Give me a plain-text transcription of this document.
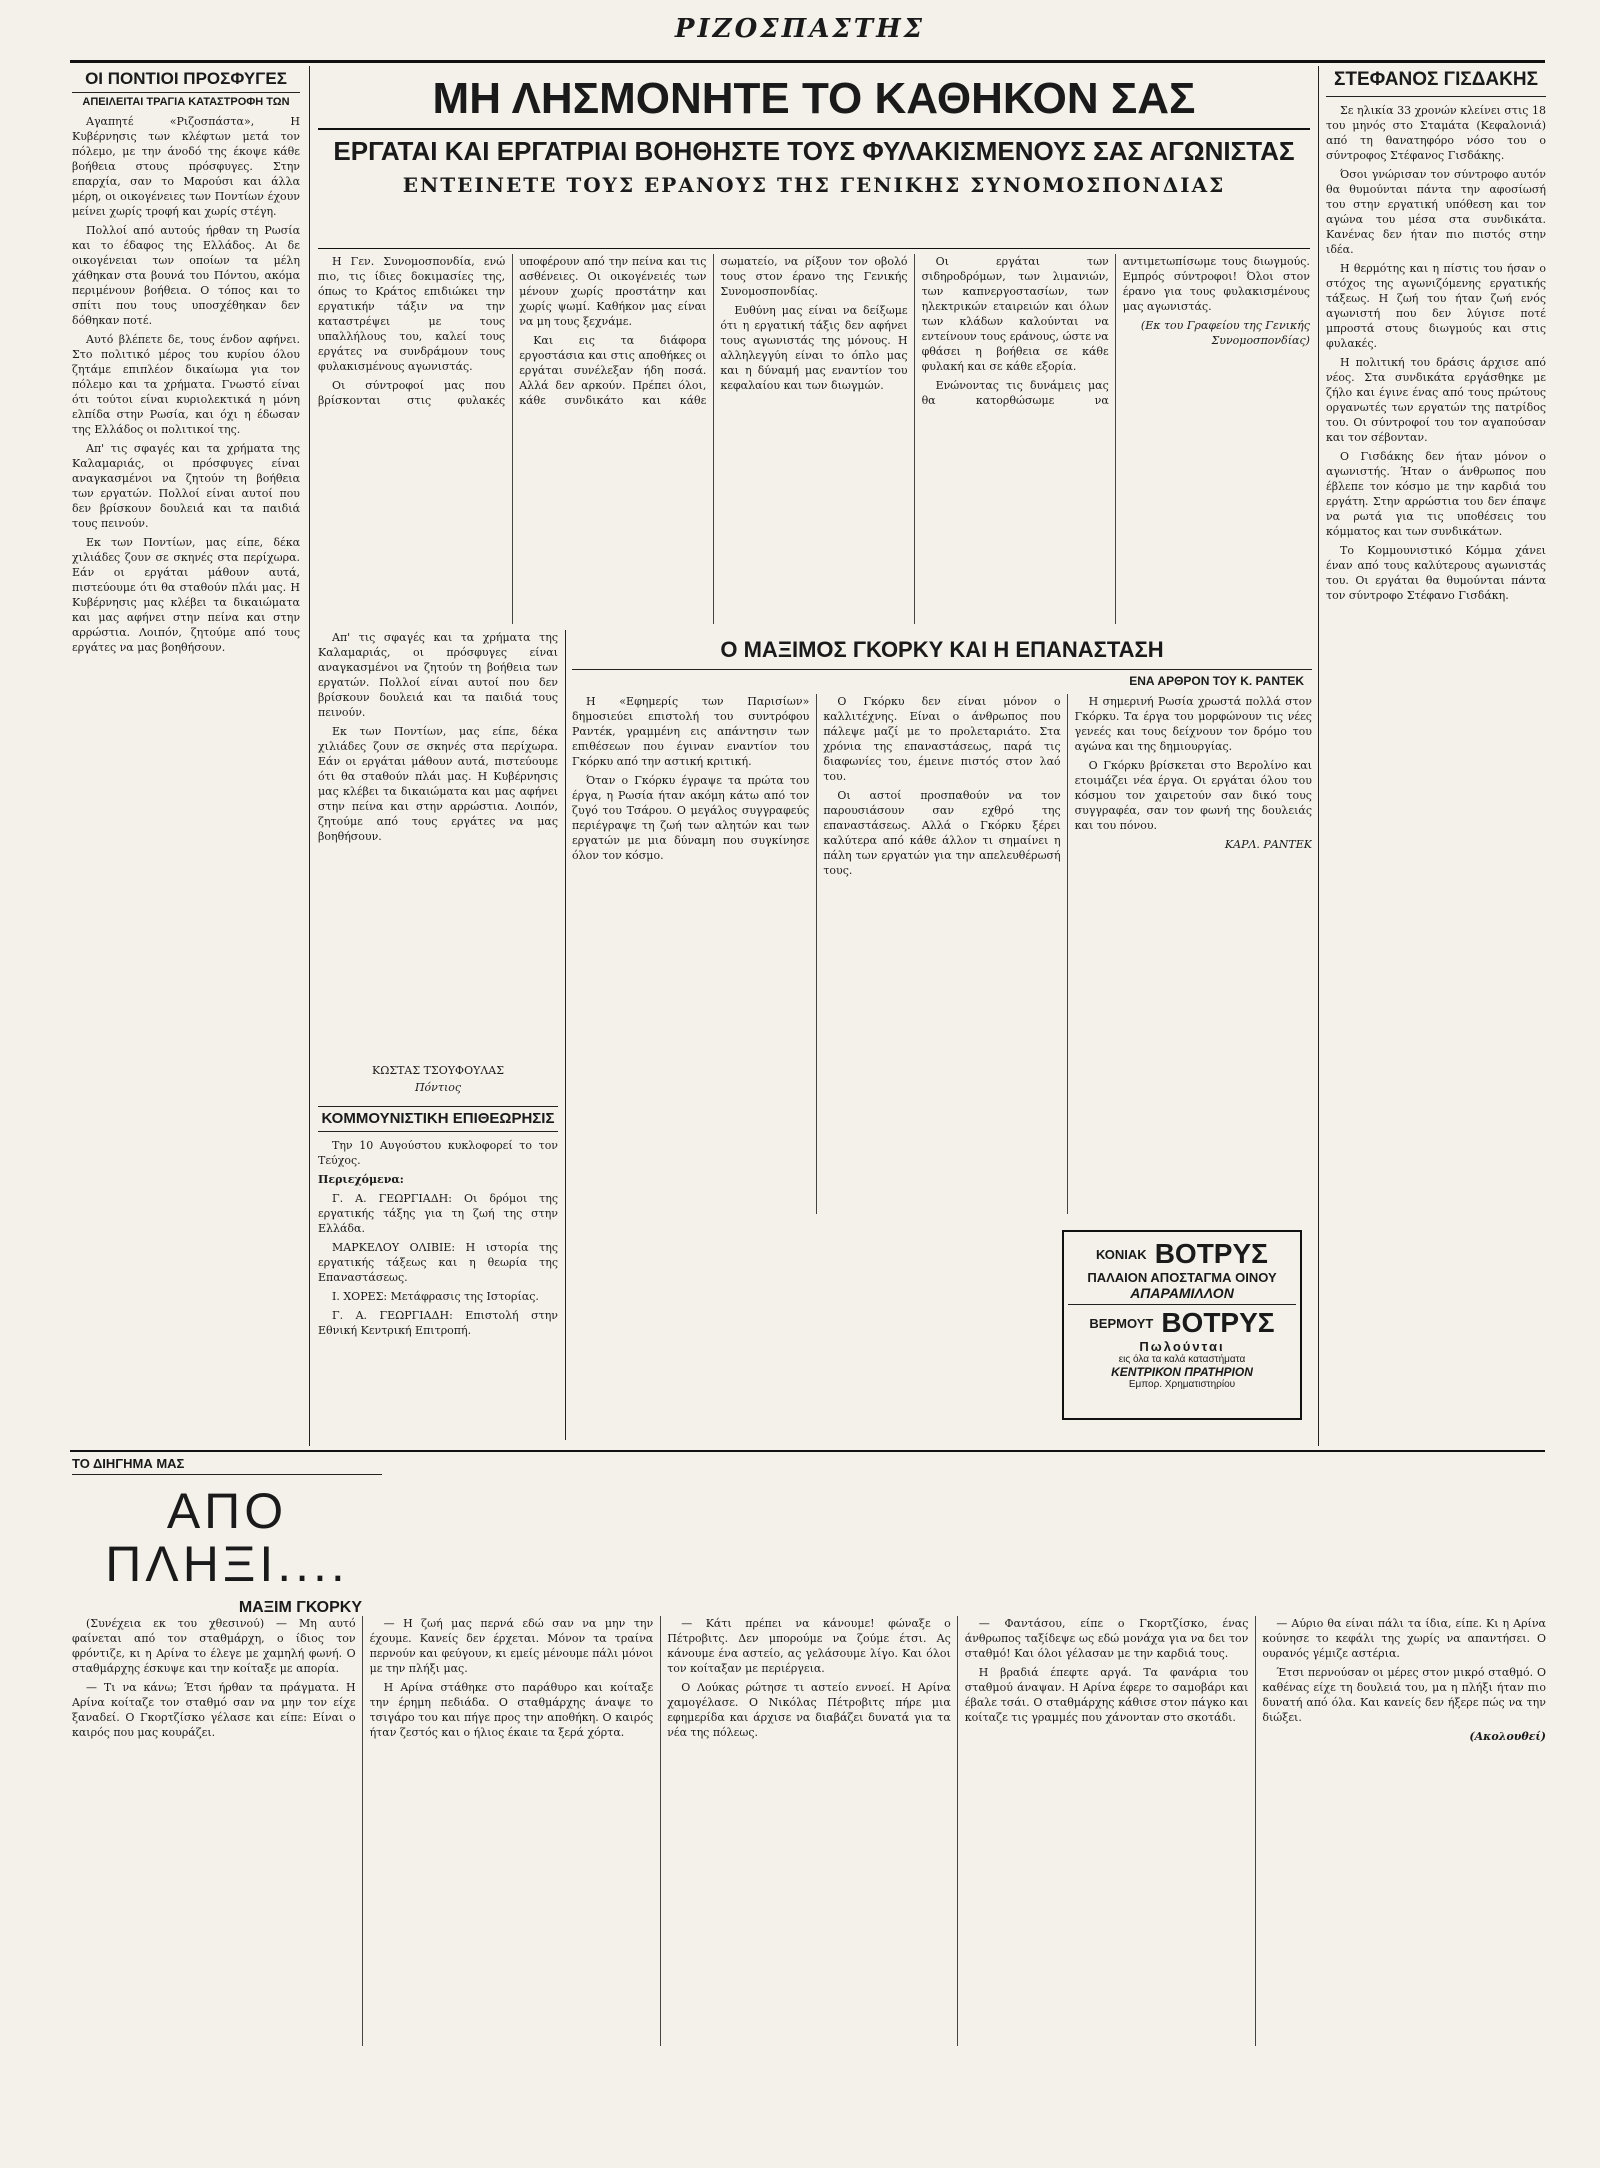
ΡΙΖΟΣΠΑΣΤΗΣ
ΟΙ ΠΟΝΤΙΟΙ ΠΡΟΣΦΥΓΕΣ
ΑΠΕΙΛΕΙΤΑΙ ΤΡΑΓΙΑ ΚΑΤΑΣΤΡΟΦΗ ΤΩΝ

Αγαπητέ «Ριζοσπάστα», Η Κυβέρνησις των κλέφτων μετά τον πόλεμο, με την άνοδό της έκοψε κάθε βοήθεια στους πρόσφυγες. Στην επαρχία, σαν το Μαρούσι και άλλα μέρη, οι οικογένειες των Ποντίων έχουν μείνει χωρίς τροφή και χωρίς στέγη.

Πολλοί από αυτούς ήρθαν τη Ρωσία και το έδαφος της Ελλάδος. Αι δε οικογένειαι των οποίων τα μέλη χάθηκαν στα βουνά του Πόντου, ακόμα περιμένουν βοήθεια. Ο τόπος και το σπίτι που τους υποσχέθηκαν δεν δόθηκαν ποτέ.

Αυτό βλέπετε δε, τους ένδον αφήνει. Στο πολιτικό μέρος του κυρίου όλου ζητάμε επιπλέον δικαίωμα για τον πόλεμο και τα χρήματα. Γνωστό είναι ότι τούτοι είναι κυριολεκτικά η μόνη ελπίδα στην Ρωσία, και όχι η έδωσαν της Ελλάδος οι πολιτικοί της.

Απ' τις σφαγές και τα χρήματα της Καλαμαριάς, οι πρόσφυγες είναι αναγκασμένοι να ζητούν τη βοήθεια των εργατών. Πολλοί είναι αυτοί που δεν βρίσκουν δουλειά και τα παιδιά τους πεινούν.

Εκ των Ποντίων, μας είπε, δέκα χιλιάδες ζουν σε σκηνές στα περίχωρα. Εάν οι εργάται μάθουν αυτά, πιστεύουμε ότι θα σταθούν πλάι μας. Η Κυβέρνησις μας κλέβει τα δικαιώματα και μας αφήνει στην πείνα και στην αρρώστια. Λοιπόν, ζητούμε από τους εργάτες να μας βοηθήσουν.

ΜΗ ΛΗΣΜΟΝΗΤΕ ΤΟ ΚΑΘΗΚΟΝ ΣΑΣ
ΕΡΓΑΤΑΙ ΚΑΙ ΕΡΓΑΤΡΙΑΙ ΒΟΗΘΗΣΤΕ ΤΟΥΣ ΦΥΛΑΚΙΣΜΕΝΟΥΣ ΣΑΣ ΑΓΩΝΙΣΤΑΣ
ΕΝΤΕΙΝΕΤΕ ΤΟΥΣ ΕΡΑΝΟΥΣ ΤΗΣ ΓΕΝΙΚΗΣ ΣΥΝΟΜΟΣΠΟΝΔΙΑΣ

Η Γεν. Συνομοσπονδία, ενώ πιο, τις ίδιες δοκιμασίες της, όπως το Κράτος επιδιώκει την εργατικήν τάξιν να την καταστρέψει με τους υπαλλήλους του, καλεί τους εργάτες να συνδράμουν τους φυλακισμένους αγωνιστάς.

Οι σύντροφοί μας που βρίσκονται στις φυλακές υποφέρουν από την πείνα και τις ασθένειες. Οι οικογένειές των μένουν χωρίς προστάτην και χωρίς ψωμί. Καθήκον μας είναι να μη τους ξεχνάμε.

Και εις τα διάφορα εργοστάσια και στις αποθήκες οι εργάται συνέλεξαν ήδη ποσά. Αλλά δεν αρκούν. Πρέπει όλοι, κάθε συνδικάτο και κάθε σωματείο, να ρίξουν τον οβολό τους στον έρανο της Γενικής Συνομοσπονδίας.

Ευθύνη μας είναι να δείξωμε ότι η εργατική τάξις δεν αφήνει τους αγωνιστάς της μόνους. Η αλληλεγγύη είναι το όπλο μας και η δύναμή μας εναντίον του κεφαλαίου και των διωγμών.

Οι εργάται των σιδηροδρόμων, των λιμανιών, των καπνεργοστασίων, των ηλεκτρικών εταιρειών και όλων των κλάδων καλούνται να εντείνουν τους εράνους, ώστε να φθάσει η βοήθεια σε κάθε φυλακή και σε κάθε εξορία.

Ενώνοντας τις δυνάμεις μας θα κατορθώσωμε να αντιμετωπίσωμε τους διωγμούς. Εμπρός σύντροφοι! Όλοι στον έρανο για τους φυλακισμένους μας αγωνιστάς.

(Εκ του Γραφείου της Γενικής Συνομοσπονδίας)
ΣΤΕΦΑΝΟΣ ΓΙΣΔΑΚΗΣ

Σε ηλικία 33 χρονών κλείνει στις 18 του μηνός στο Σταμάτα (Κεφαλονιά) από τη θανατηφόρο νόσο του ο σύντροφος Στέφανος Γισδάκης.

Όσοι γνώρισαν τον σύντροφο αυτόν θα θυμούνται πάντα την αφοσίωσή του στην εργατική υπόθεση και τον αγώνα του μέσα στα συνδικάτα. Κανένας δεν ήταν πιο πιστός στην ιδέα.

Η θερμότης και η πίστις του ήσαν ο στόχος της αγωνιζόμενης εργατικής τάξεως. Η ζωή του ήταν ζωή ενός αγωνιστή που δεν λύγισε ποτέ μπροστά στους διωγμούς και στις φυλακές.

Η πολιτική του δράσις άρχισε από νέος. Στα συνδικάτα εργάσθηκε με ζήλο και έγινε ένας από τους πρώτους οργανωτές των εργατών της πατρίδος του. Οι σύντροφοί του τον αγαπούσαν και τον σέβονταν.

Ο Γισδάκης δεν ήταν μόνον ο αγωνιστής. Ήταν ο άνθρωπος που έβλεπε τον κόσμο με την καρδιά του εργάτη. Στην αρρώστια του δεν έπαψε να ρωτά για τις υποθέσεις του κόμματος και των συνδικάτων.

Το Κομμουνιστικό Κόμμα χάνει έναν από τους καλύτερους αγωνιστάς του. Οι εργάται θα θυμούνται πάντα τον σύντροφο Στέφανο Γισδάκη.

Απ' τις σφαγές και τα χρήματα της Καλαμαριάς, οι πρόσφυγες είναι αναγκασμένοι να ζητούν τη βοήθεια των εργατών. Πολλοί είναι αυτοί που δεν βρίσκουν δουλειά και τα παιδιά τους πεινούν.

Εκ των Ποντίων, μας είπε, δέκα χιλιάδες ζουν σε σκηνές στα περίχωρα. Εάν οι εργάται μάθουν αυτά, πιστεύουμε ότι θα σταθούν πλάι μας. Η Κυβέρνησις μας κλέβει τα δικαιώματα και μας αφήνει στην πείνα και στην αρρώστια. Λοιπόν, ζητούμε από τους εργάτες να μας βοηθήσουν.

ΚΩΣΤΑΣ ΤΣΟΥΦΟΥΛΑΣ
Πόντιος
ΚΟΜΜΟΥΝΙΣΤΙΚΗ ΕΠΙΘΕΩΡΗΣΙΣ

Την 10 Αυγούστου κυκλοφορεί το τον Τεύχος.

Περιεχόμενα:

Γ. Α. ΓΕΩΡΓΙΑΔΗ: Οι δρόμοι της εργατικής τάξης για τη ζωή της στην Ελλάδα.

ΜΑΡΚΕΛΟΥ ΟΛΙΒΙΕ: Η ιστορία της εργατικής τάξεως και η θεωρία της Επαναστάσεως.

Ι. ΧΟΡΕΣ: Μετάφρασις της Ιστορίας.

Γ. Α. ΓΕΩΡΓΙΑΔΗ: Επιστολή στην Εθνική Κεντρική Επιτροπή.

Ο ΜΑΞΙΜΟΣ ΓΚΟΡΚΥ ΚΑΙ Η ΕΠΑΝΑΣΤΑΣΗ
ΕΝΑ ΑΡΘΡΟΝ ΤΟΥ Κ. ΡΑΝΤΕΚ

Η «Εφημερίς των Παρισίων» δημοσιεύει επιστολή του συντρόφου Ραντέκ, γραμμένη εις απάντησιν των επιθέσεων που έγιναν εναντίον του Γκόρκυ από την αστική κριτική.

Όταν ο Γκόρκυ έγραψε τα πρώτα του έργα, η Ρωσία ήταν ακόμη κάτω από τον ζυγό του Τσάρου. Ο μεγάλος συγγραφεύς περιέγραψε τη ζωή των αλητών και των εργατών με μια δύναμη που συγκίνησε όλον τον κόσμο.

Ο Γκόρκυ δεν είναι μόνον ο καλλιτέχνης. Είναι ο άνθρωπος που πάλεψε μαζί με το προλεταριάτο. Στα χρόνια της επαναστάσεως, παρά τις διαφωνίες του, έμεινε πιστός στον λαό του.

Οι αστοί προσπαθούν να τον παρουσιάσουν σαν εχθρό της επαναστάσεως. Αλλά ο Γκόρκυ ξέρει καλύτερα από κάθε άλλον τι σημαίνει η πάλη των εργατών για την απελευθέρωσή τους.

Η σημερινή Ρωσία χρωστά πολλά στον Γκόρκυ. Τα έργα του μορφώνουν τις νέες γενεές και τους δείχνουν τον δρόμο του αγώνα και της δημιουργίας.

Ο Γκόρκυ βρίσκεται στο Βερολίνο και ετοιμάζει νέα έργα. Οι εργάται όλου του κόσμου τον χαιρετούν σαν δικό τους συγγραφέα, σαν τον φωνή της δουλειάς και του πόνου.

ΚΑΡΛ. ΡΑΝΤΕΚ
ΚΟΝΙΑΚ ΒΟΤΡΥΣ
ΠΑΛΑΙΟΝ ΑΠΟΣΤΑΓΜΑ ΟΙΝΟΥ
ΑΠΑΡΑΜΙΛΛΟΝ
ΒΕΡΜΟΥΤ ΒΟΤΡΥΣ
Πωλούνται
εις όλα τα καλά καταστήματα
ΚΕΝΤΡΙΚΟΝ ΠΡΑΤΗΡΙΟΝ
Εμπορ. Χρηματιστηρίου
ΤΟ ΔΙΗΓΗΜΑ ΜΑΣ
ΑΠΟ ΠΛΗΞΙ....
ΜΑΞΙΜ ΓΚΟΡΚΥ

(Συνέχεια εκ του χθεσινού) — Μη αυτό φαίνεται από τον σταθμάρχη, ο ίδιος τον φρόντιζε, κι η Αρίνα το έλεγε με χαμηλή φωνή. Ο σταθμάρχης έσκυψε και την κοίταξε με απορία.

— Τι να κάνω; Έτσι ήρθαν τα πράγματα. Η Αρίνα κοίταζε τον σταθμό σαν να μην τον είχε ξαναδεί. Ο Γκορτζίσκο γέλασε και είπε: Είναι ο καιρός που μας κουράζει.

— Η ζωή μας περνά εδώ σαν να μην την έχουμε. Κανείς δεν έρχεται. Μόνον τα τραίνα περνούν και φεύγουν, κι εμείς μένουμε πάλι μόνοι με την πλήξι μας.

Η Αρίνα στάθηκε στο παράθυρο και κοίταξε την έρημη πεδιάδα. Ο σταθμάρχης άναψε το τσιγάρο του και πήγε προς την αποθήκη. Ο καιρός ήταν ζεστός και ο ήλιος έκαιε τα ξερά χόρτα.

— Κάτι πρέπει να κάνουμε! φώναξε ο Πέτροβιτς. Δεν μπορούμε να ζούμε έτσι. Ας κάνουμε ένα αστείο, ας γελάσουμε λίγο. Και όλοι τον κοίταξαν με περιέργεια.

Ο Λούκας ρώτησε τι αστείο εννοεί. Η Αρίνα χαμογέλασε. Ο Νικόλας Πέτροβιτς πήρε μια εφημερίδα και άρχισε να διαβάζει δυνατά για τα νέα της πόλεως.

— Φαντάσου, είπε ο Γκορτζίσκο, ένας άνθρωπος ταξίδεψε ως εδώ μονάχα για να δει τον σταθμό! Και όλοι γέλασαν με την καρδιά τους.

Η βραδιά έπεφτε αργά. Τα φανάρια του σταθμού άναψαν. Η Αρίνα έφερε το σαμοβάρι και έβαλε τσάι. Ο σταθμάρχης κάθισε στον πάγκο και κοίταζε τις γραμμές που χάνονταν στο σκοτάδι.

— Αύριο θα είναι πάλι τα ίδια, είπε. Κι η Αρίνα κούνησε το κεφάλι της χωρίς να απαντήσει. Ο ουρανός γέμιζε αστέρια.

Έτσι περνούσαν οι μέρες στον μικρό σταθμό. Ο καθένας είχε τη δουλειά του, μα η πλήξι ήταν πιο δυνατή από όλα. Και κανείς δεν ήξερε πώς να την διώξει.

(Ακολουθεί)
